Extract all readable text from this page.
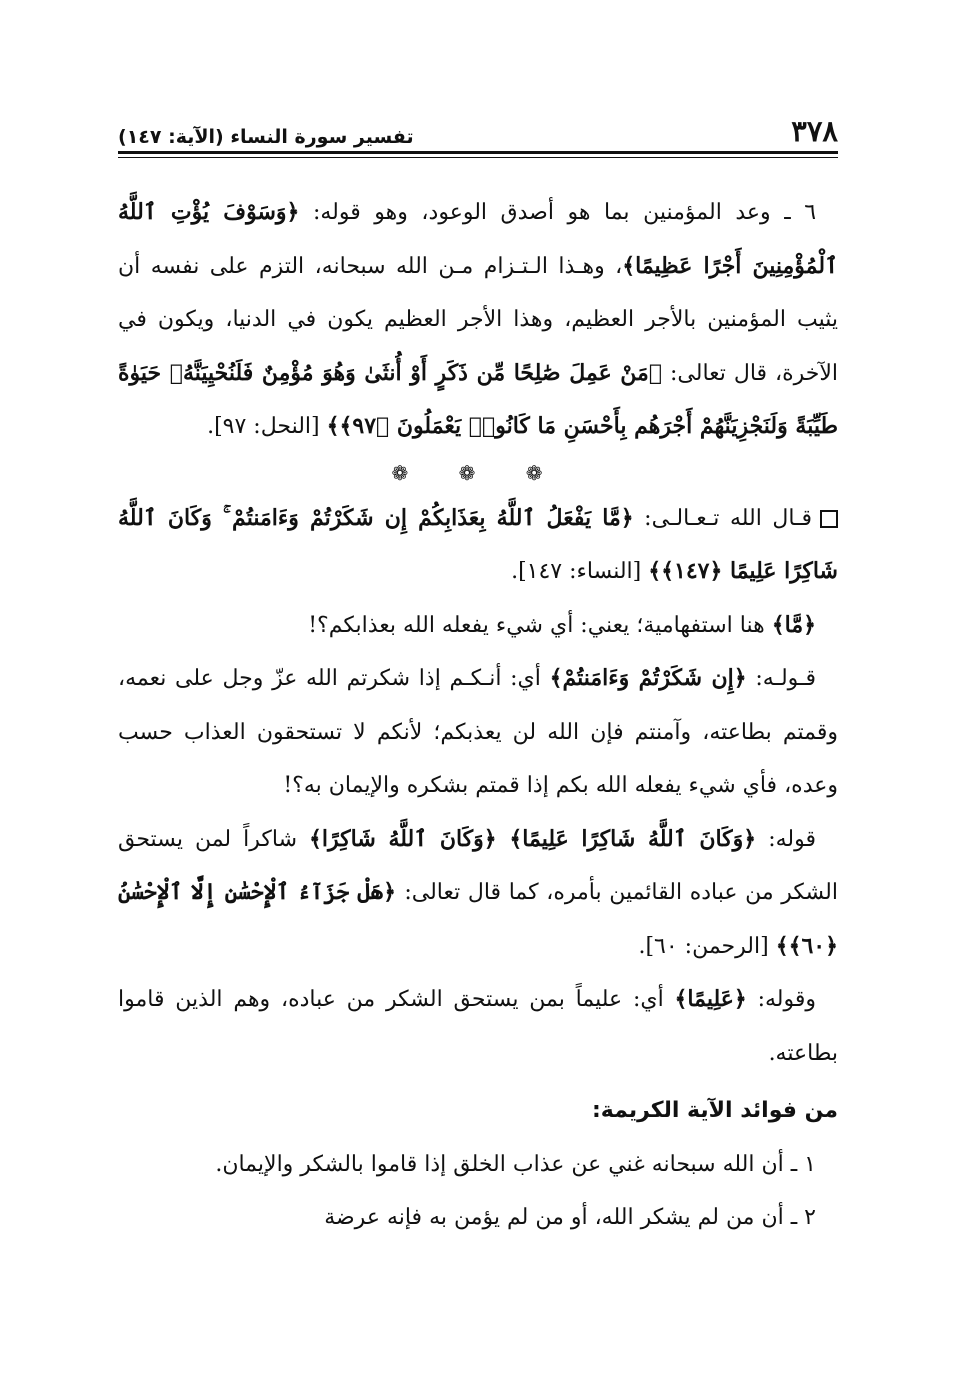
٣٧٨
تفسير سورة النساء (الآية: ١٤٧)

٦ ـ وعد المؤمنين بما هو أصدق الوعود، وهو قوله: ﴿وَسَوْفَ يُؤْتِ ٱللَّهُ ٱلْمُؤْمِنِينَ أَجْرًا عَظِيمًا﴾، وهـذا الـتـزام مـن الله سبحانه، التزم على نفسه أن يثيب المؤمنين بالأجر العظيم، وهذا الأجر العظيم يكون في الدنيا، ويكون في الآخرة، قال تعالى: ﴿مَنْ عَمِلَ صَٰلِحًا مِّن ذَكَرٍ أَوْ أُنثَىٰ وَهُوَ مُؤْمِنٌ فَلَنُحْيِيَنَّهُۥ حَيَوٰةً طَيِّبَةً وَلَنَجْزِيَنَّهُمْ أَجْرَهُم بِأَحْسَنِ مَا كَانُوا۟ يَعْمَلُونَ ﴿٩٧﴾﴾ [النحل: ٩٧].

❁ ❁ ❁

قـال الله تـعـالـى: ﴿مَّا يَفْعَلُ ٱللَّهُ بِعَذَابِكُمْ إِن شَكَرْتُمْ وَءَامَنتُمْ ۚ وَكَانَ ٱللَّهُ شَاكِرًا عَلِيمًا ﴿١٤٧﴾﴾ [النساء: ١٤٧].

﴿مَّا﴾ هنا استفهامية؛ يعني: أي شيء يفعله الله بعذابكم؟!

قـولـه: ﴿إِن شَكَرْتُمْ وَءَامَنتُمْ﴾ أي: أنـكـم إذا شكرتم الله عزّ وجل على نعمه، وقمتم بطاعته، وآمنتم فإن الله لن يعذبكم؛ لأنكم لا تستحقون العذاب حسب وعده، فأي شيء يفعله الله بكم إذا قمتم بشكره والإيمان به؟!

قوله: ﴿وَكَانَ ٱللَّهُ شَاكِرًا عَلِيمًا﴾ ﴿وَكَانَ ٱللَّهُ شَاكِرًا﴾ شاكراً لمن يستحق الشكر من عباده القائمين بأمره، كما قال تعالى: ﴿هَلْ جَزَآءُ ٱلْإِحْسَٰنِ إِلَّا ٱلْإِحْسَٰنُ ﴿٦٠﴾﴾ [الرحمن: ٦٠].

وقوله: ﴿عَلِيمًا﴾ أي: عليماً بمن يستحق الشكر من عباده، وهم الذين قاموا بطاعته.

من فوائد الآية الكريمة:

١ ـ أن الله سبحانه غني عن عذاب الخلق إذا قاموا بالشكر والإيمان.

٢ ـ أن من لم يشكر الله، أو من لم يؤمن به فإنه عرضة
